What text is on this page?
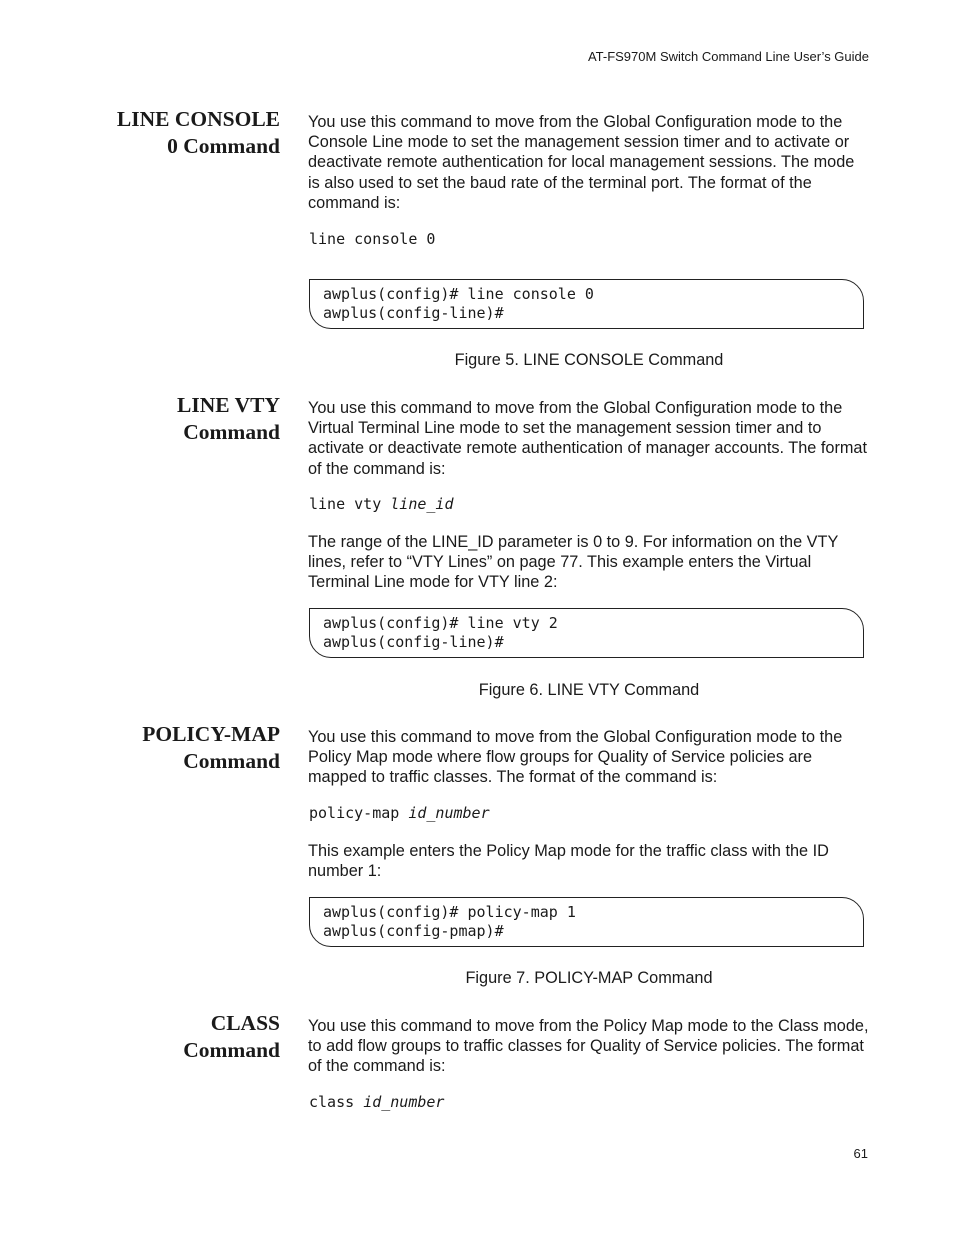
AT-FS970M Switch Command Line User’s Guide
LINE CONSOLE
0 Command

You use this command to move from the Global Configuration mode to the Console Line mode to set the management session timer and to activate or deactivate remote authentication for local management sessions. The mode is also used to set the baud rate of the terminal port. The format of the command is:

line console 0
awplus(config)# line console 0
awplus(config-line)#
Figure 5. LINE CONSOLE Command
LINE VTY
Command

You use this command to move from the Global Configuration mode to the Virtual Terminal Line mode to set the management session timer and to activate or deactivate remote authentication of manager accounts. The format of the command is:

line vty line_id

The range of the LINE_ID parameter is 0 to 9. For information on the VTY lines, refer to “VTY Lines” on page 77. This example enters the Virtual Terminal Line mode for VTY line 2:

awplus(config)# line vty 2
awplus(config-line)#
Figure 6. LINE VTY Command
POLICY-MAP
Command

You use this command to move from the Global Configuration mode to the Policy Map mode where flow groups for Quality of Service policies are mapped to traffic classes. The format of the command is:

policy-map id_number

This example enters the Policy Map mode for the traffic class with the ID number 1:

awplus(config)# policy-map 1
awplus(config-pmap)#
Figure 7. POLICY-MAP Command
CLASS
Command

You use this command to move from the Policy Map mode to the Class mode, to add flow groups to traffic classes for Quality of Service policies. The format of the command is:

class id_number
61
